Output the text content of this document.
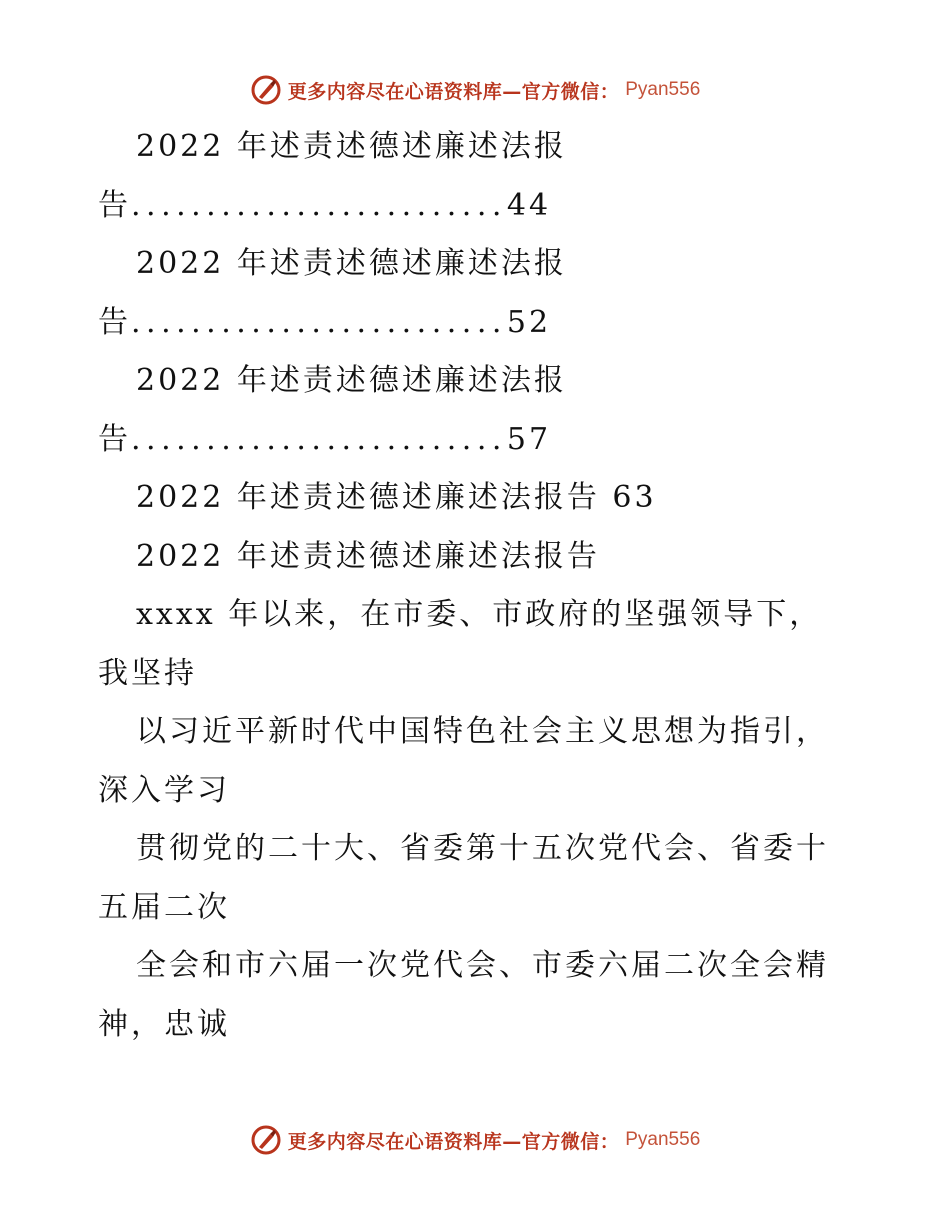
更多内容尽在心语资料库—官方微信： Pyan556
2022 年述责述德述廉述法报
告.........................44
2022 年述责述德述廉述法报
告.........................52
2022 年述责述德述廉述法报
告.........................57
2022 年述责述德述廉述法报告 63
2022 年述责述德述廉述法报告
xxxx 年以来，在市委、市政府的坚强领导下，
我坚持
以习近平新时代中国特色社会主义思想为指引，
深入学习
贯彻党的二十大、省委第十五次党代会、省委十
五届二次
全会和市六届一次党代会、市委六届二次全会精
神，忠诚
更多内容尽在心语资料库—官方微信： Pyan556
